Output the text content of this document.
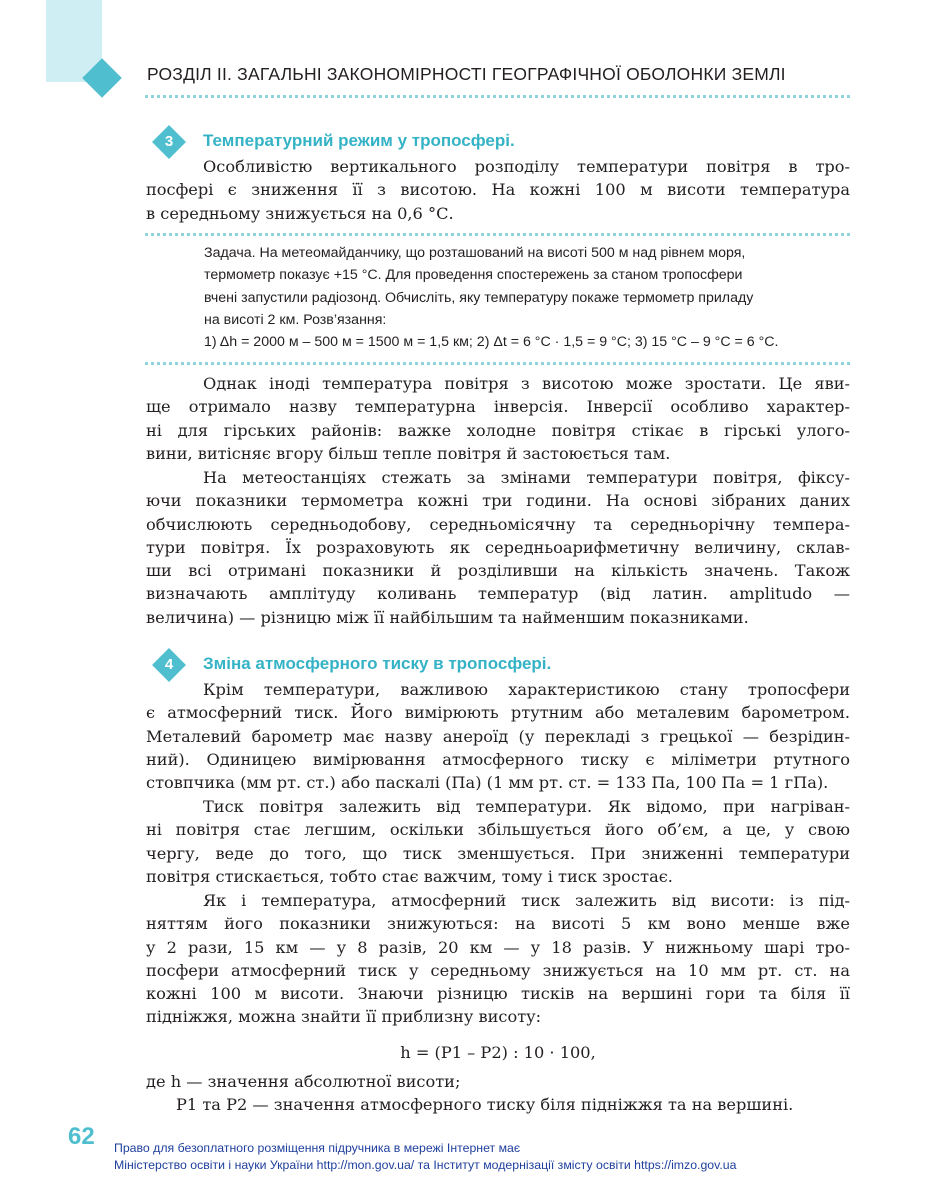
РОЗДІЛ ІІ. ЗАГАЛЬНІ ЗАКОНОМІРНОСТІ ГЕОГРАФІЧНОЇ ОБОЛОНКИ ЗЕМЛІ
3	Температурний режим у тропосфері.
Особливістю вертикального розподілу температури повітря в тро-
посфері є зниження її з висотою. На кожні 100 м висоти температура
в середньому знижується на 0,6 °С.
Задача. На метеомайданчику, що розташований на висоті 500 м над рівнем моря,
термометр показує +15 °С. Для проведення спостережень за станом тропосфери
вчені запустили радіозонд. Обчисліть, яку температуру покаже термометр приладу
на висоті 2 км. Розв’язання:
1) Δh = 2000 м – 500 м = 1500 м = 1,5 км; 2) Δt = 6 °С · 1,5 = 9 °С; 3) 15 °С – 9 °С = 6 °С.
Однак іноді температура повітря з висотою може зростати. Це яви-
ще отримало назву температурна інверсія. Інверсії особливо характер-
ні для гірських районів: важке холодне повітря стікає в гірські улого-
вини, витісняє вгору більш тепле повітря й застоюється там.
На метеостанціях стежать за змінами температури повітря, фіксу-
ючи показники термометра кожні три години. На основі зібраних даних
обчислюють середньодобову, середньомісячну та середньорічну темпера-
тури повітря. Їх розраховують як середньоарифметичну величину, склав-
ши всі отримані показники й розділивши на кількість значень. Також
визначають амплітуду коливань температур (від латин. amplitudo —
величина) — різницю між її найбільшим та найменшим показниками.
4	Зміна атмосферного тиску в тропосфері.
Крім температури, важливою характеристикою стану тропосфери
є атмосферний тиск. Його вимірюють ртутним або металевим барометром.
Металевий барометр має назву анероїд (у перекладі з грецької — безрідин-
ний). Одиницею вимірювання атмосферного тиску є міліметри ртутного
стовпчика (мм рт. ст.) або паскалі (Па) (1 мм рт. ст. = 133 Па, 100 Па = 1 гПа).
Тиск повітря залежить від температури. Як відомо, при нагріван-
ні повітря стає легшим, оскільки збільшується його об’єм, а це, у свою
чергу, веде до того, що тиск зменшується. При зниженні температури
повітря стискається, тобто стає важчим, тому і тиск зростає.
Як і температура, атмосферний тиск залежить від висоти: із під-
няттям його показники знижуються: на висоті 5 км воно менше вже
у 2 рази, 15 км — у 8 разів, 20 км — у 18 разів. У нижньому шарі тро-
посфери атмосферний тиск у середньому знижується на 10 мм рт. ст. на
кожні 100 м висоти. Знаючи різницю тисків на вершині гори та біля її
підніжжя, можна знайти її приблизну висоту:
h = (P1 – P2) : 10 · 100,
де h — значення абсолютної висоти;
P1 та P2 — значення атмосферного тиску біля підніжжя та на вершині.
62 Право для безоплатного розміщення підручника в мережі Інтернет має
Міністерство освіти і науки України http://mon.gov.ua/ та Інститут модернізації змісту освіти https://imzo.gov.ua
